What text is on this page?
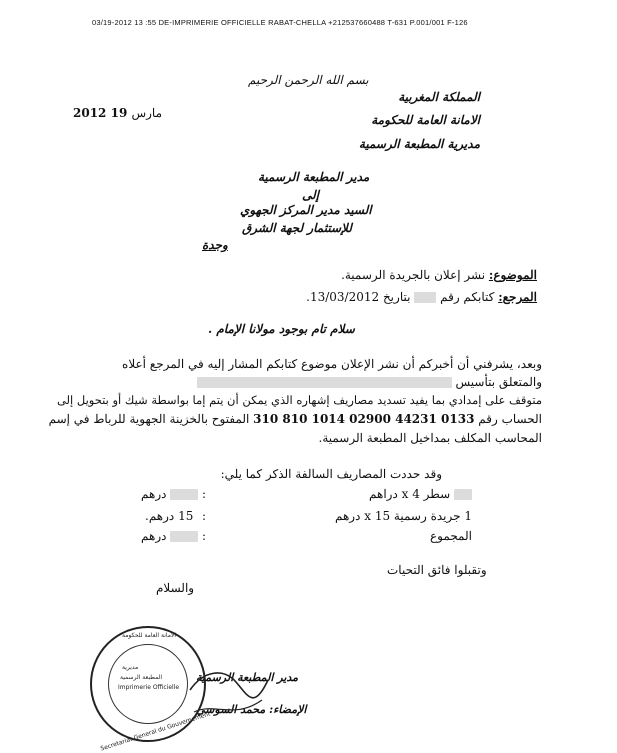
03/19-2012 13 :55 DE-IMPRIMERIE OFFICIELLE RABAT-CHELLA +212537660488 T-631 P.001/001 F-126
بسم الله الرحمن الرحيم
المملكة المغربية
الامانة العامة للحكومة
مديرية المطبعة الرسمية
2012 مارس 19
مدير المطبعة الرسمية
إلى
السيد مدير المركز الجهوي
للإستثمار لجهة الشرق
وجدة
الموضوع: نشر إعلان بالجريدة الرسمية.
المرجع: كتابكم رقم  بتاريخ 13/03/2012.
سلام تام بوجود مولانا الإمام .
وبعد، يشرفني أن أخبركم أن نشر الإعلان موضوع كتابكم المشار إليه في المرجع أعلاه
والمتعلق بتأسيس
متوقف على إمدادي بما يفيد تسديد مصاريف إشهاره الذي يمكن أن يتم إما بواسطة شيك أو بتحويل إلى
الحساب رقم 310 810 1014 02900 44231 0133 المفتوح بالخزينة الجهوية للرباط في إسم
المحاسب المكلف بمداخيل المطبعة الرسمية.
وقد حددت المصاريف السالفة الذكر كما يلي:
سطر x 4 دراهم
:
درهم
1 جريدة رسمية x 15 درهم
:
15 درهم.
المجموع
:
درهم
وتقبلوا فائق التحيات
والسلام
مدير المطبعة الرسمية
الإمضاء: محمد السوسي
الأمانة العامة للحكومة
مديرية
المطبعة الرسمية
Imprimerie Officielle
Secretariat General du Gouvernement
